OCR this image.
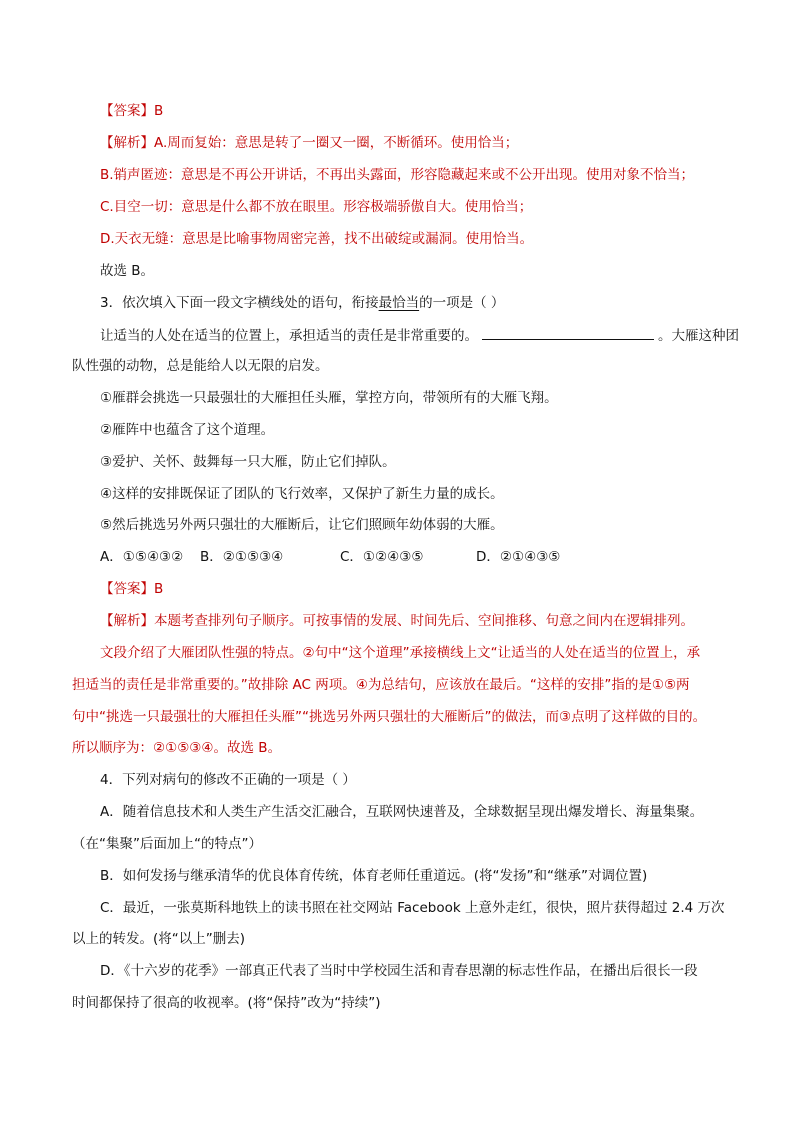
【答案】B
【解析】A.周而复始：意思是转了一圈又一圈，不断循环。使用恰当；
B.销声匿迹：意思是不再公开讲话，不再出头露面，形容隐藏起来或不公开出现。使用对象不恰当；
C.目空一切：意思是什么都不放在眼里。形容极端骄傲自大。使用恰当；
D.天衣无缝：意思是比喻事物周密完善，找不出破绽或漏洞。使用恰当。
故选 B。
3．依次填入下面一段文字横线处的语句，衔接最恰当的一项是（ ）
让适当的人处在适当的位置上，承担适当的责任是非常重要的。	。大雁这种团
队性强的动物，总是能给人以无限的启发。
①雁群会挑选一只最强壮的大雁担任头雁，掌控方向，带领所有的大雁飞翔。
②雁阵中也蕴含了这个道理。
③爱护、关怀、鼓舞每一只大雁，防止它们掉队。
④这样的安排既保证了团队的飞行效率，又保护了新生力量的成长。
⑤然后挑选另外两只强壮的大雁断后，让它们照顾年幼体弱的大雁。
A．①⑤④③② B．②①⑤③④	C．①②④③⑤	D．②①④③⑤
【答案】B
【解析】本题考查排列句子顺序。可按事情的发展、时间先后、空间推移、句意之间内在逻辑排列。
文段介绍了大雁团队性强的特点。②句中“这个道理”承接横线上文“让适当的人处在适当的位置上，承
担适当的责任是非常重要的。”故排除 AC 两项。④为总结句，应该放在最后。“这样的安排”指的是①⑤两
句中“挑选一只最强壮的大雁担任头雁”“挑选另外两只强壮的大雁断后”的做法，而③点明了这样做的目的。
所以顺序为：②①⑤③④。故选 B。
4．下列对病句的修改不正确的一项是（ ）
A．随着信息技术和人类生产生活交汇融合，互联网快速普及，全球数据呈现出爆发增长、海量集聚。
（在“集聚”后面加上“的特点”）
B．如何发扬与继承清华的优良体育传统，体育老师任重道远。(将“发扬”和“继承”对调位置)
C．最近，一张莫斯科地铁上的读书照在社交网站 Facebook 上意外走红，很快，照片获得超过 2.4 万次
以上的转发。(将“以上”删去)
D．《十六岁的花季》一部真正代表了当时中学校园生活和青春思潮的标志性作品，在播出后很长一段
时间都保持了很高的收视率。(将“保持”改为“持续”)
